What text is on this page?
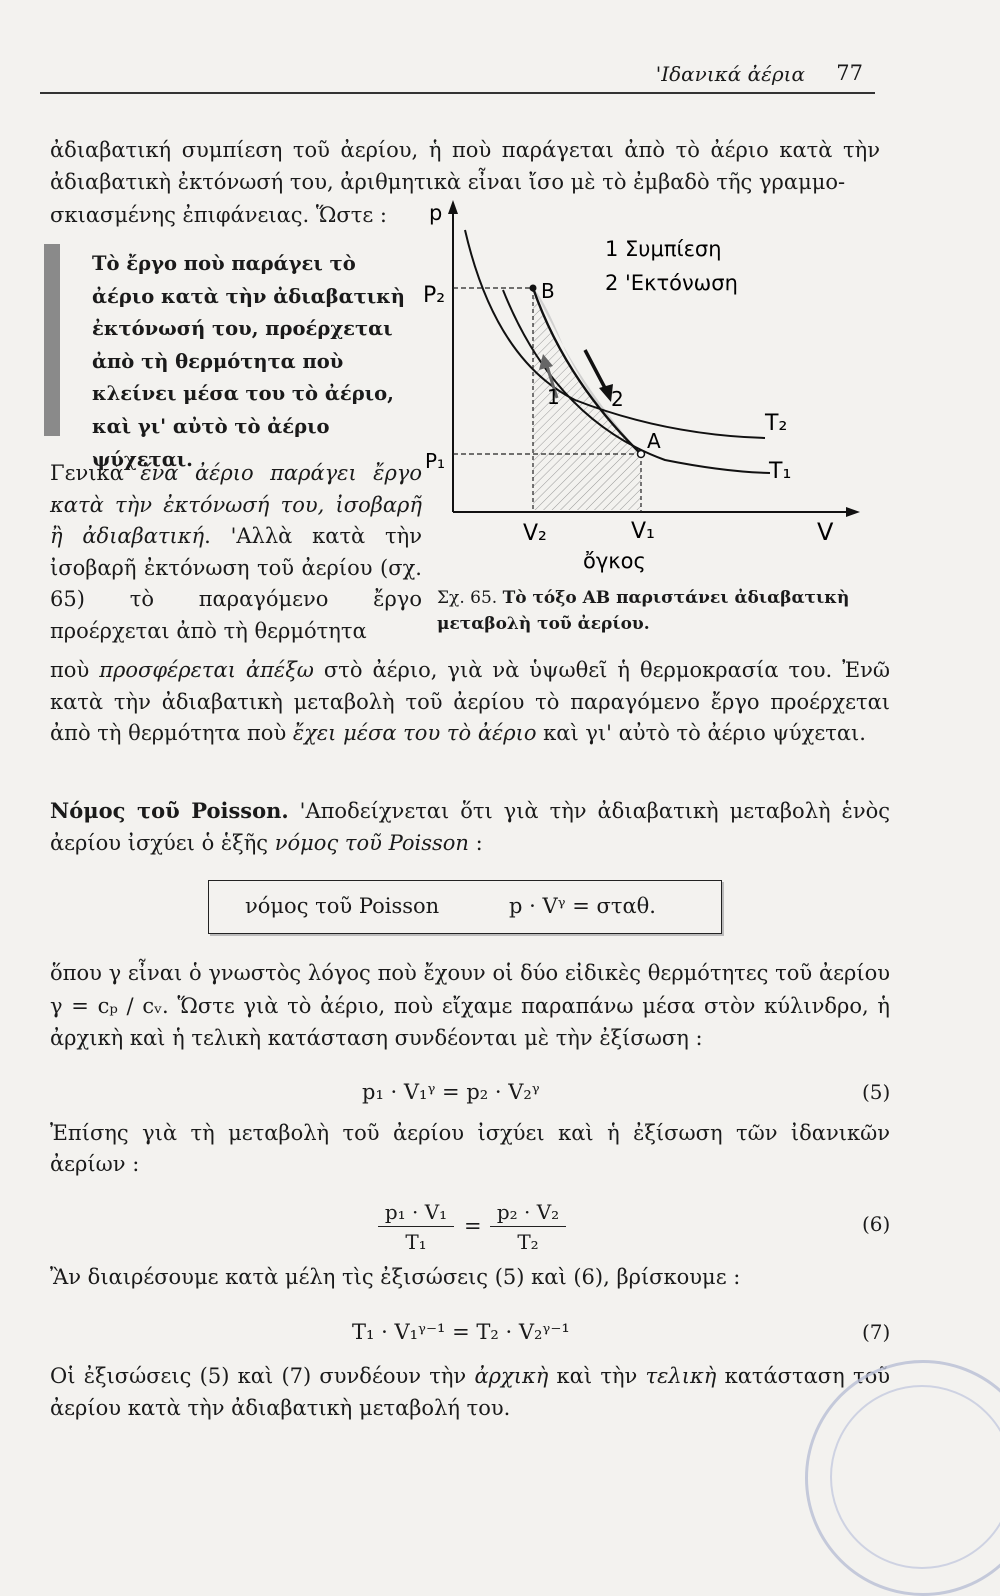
'Ιδανικά ἀέρια 77

ἀδιαβατική συμπίεση τοῦ ἀερίου, ἡ ποὺ παράγεται ἀπὸ τὸ ἀέριο κατὰ τὴν ἀδιαβατικὴ ἐκτόνωσή του, ἀριθμητικὰ εἶναι ἴσο μὲ τὸ ἐμβαδὸ τῆς γραμμο-

σκιασμένης ἐπιφάνειας. Ὥστε :

Τὸ ἔργο ποὺ παράγει τὸ ἀέριο κατὰ τὴν ἀδιαβατικὴ ἐκτόνωσή του, προέρχεται ἀπὸ τὴ θερμότητα ποὺ κλείνει μέσα του τὸ ἀέριο, καὶ γι' αὐτὸ τὸ ἀέριο ψύχεται.

Γενικὰ ἕνα ἀέριο παράγει ἔργο κατὰ τὴν ἐκτόνωσή του, ἰσοβαρῆ ἢ ἀδιαβατική. 'Αλλὰ κατὰ τὴν ἰσοβαρῆ ἐκτόνωση τοῦ ἀερίου (σχ. 65) τὸ παραγόμενο ἔργο προέρχεται ἀπὸ τὴ θερμότητα

p
V
ὄγκος
P₂
P₁
V₂	V₁
B
A
T₂
T₁
1	2
1 Συμπίεση
2 'Εκτόνωση

Σχ. 65. Τὸ τόξο AB παριστάνει ἀδιαβατικὴ μεταβολὴ τοῦ ἀερίου.

ποὺ προσφέρεται ἀπέξω στὸ ἀέριο, γιὰ νὰ ὑψωθεῖ ἡ θερμοκρασία του. Ἐνῶ κατὰ τὴν ἀδιαβατικὴ μεταβολὴ τοῦ ἀερίου τὸ παραγόμενο ἔργο προέρχεται ἀπὸ τὴ θερμότητα ποὺ ἔχει μέσα του τὸ ἀέριο καὶ γι' αὐτὸ τὸ ἀέριο ψύχεται.

Νόμος τοῦ Poisson. 'Αποδείχνεται ὅτι γιὰ τὴν ἀδιαβατικὴ μεταβολὴ ἑνὸς ἀερίου ἰσχύει ὁ ἑξῆς νόμος τοῦ Poisson :

νόμος τοῦ Poisson	p · Vᵞ = σταθ.

ὅπου γ εἶναι ὁ γνωστὸς λόγος ποὺ ἔχουν οἱ δύο εἰδικὲς θερμότητες τοῦ ἀερίου γ = cₚ / cᵥ. Ὥστε γιὰ τὸ ἀέριο, ποὺ εἴχαμε παραπάνω μέσα στὸν κύλινδρο, ἡ ἀρχικὴ καὶ ἡ τελικὴ κατάσταση συνδέονται μὲ τὴν ἐξίσωση :

p₁ · V₁ᵞ = p₂ · V₂ᵞ	(5)

Ἐπίσης γιὰ τὴ μεταβολὴ τοῦ ἀερίου ἰσχύει καὶ ἡ ἐξίσωση τῶν ἰδανικῶν ἀερίων :

$\frac{\text{p₁ · V₁}}{\text{T₁}} = \frac{\text{p₂ · V₂}}{\text{T₂}}$	(6)

Ἂν διαιρέσουμε κατὰ μέλη τὶς ἐξισώσεις (5) καὶ (6), βρίσκουμε :

T₁ · V₁ᵞ⁻¹ = T₂ · V₂ᵞ⁻¹	(7)

Οἱ ἐξισώσεις (5) καὶ (7) συνδέουν τὴν ἀρχικὴ καὶ τὴν τελικὴ κατάσταση τοῦ ἀερίου κατὰ τὴν ἀδιαβατικὴ μεταβολή του.
